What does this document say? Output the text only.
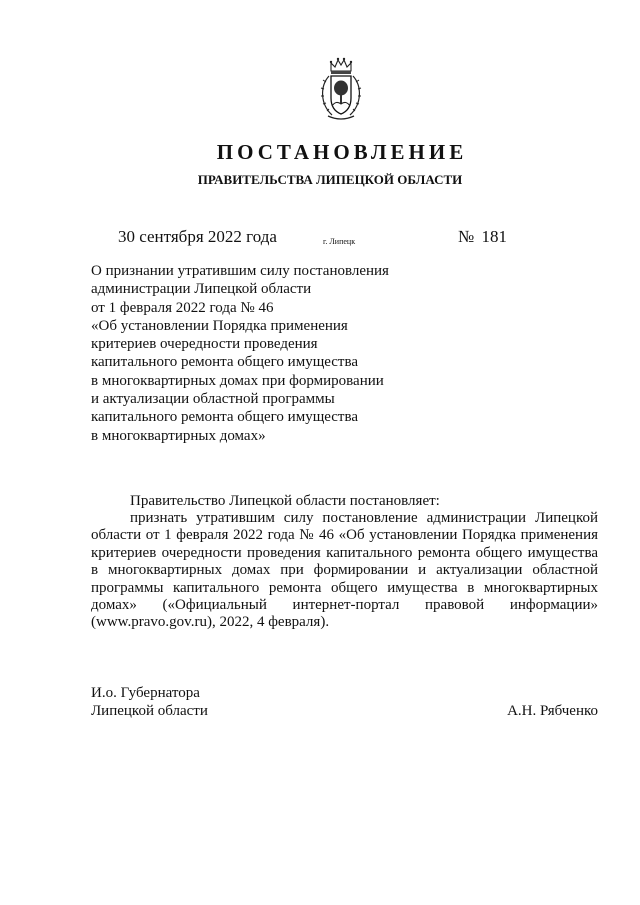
ПОСТАНОВЛЕНИЕ
ПРАВИТЕЛЬСТВА ЛИПЕЦКОЙ ОБЛАСТИ
30 сентября 2022 года	г. Липецк	№ 181
О признании утратившим силу постановления
администрации Липецкой области
от 1 февраля 2022 года № 46
«Об установлении Порядка применения
критериев очередности проведения
капитального ремонта общего имущества
в многоквартирных домах при формировании
и актуализации областной программы
капитального ремонта общего имущества
в многоквартирных домах»
Правительство Липецкой области постановляет:
признать утратившим силу постановление администрации Липецкой
области от 1 февраля 2022 года № 46 «Об установлении Порядка применения
критериев очередности проведения капитального ремонта общего имущества
в многоквартирных домах при формировании и актуализации областной
программы капитального ремонта общего имущества в многоквартирных
домах» («Официальный интернет-портал правовой информации»
(www.pravo.gov.ru), 2022, 4 февраля).
И.о. Губернатора
Липецкой области	А.Н. Рябченко
